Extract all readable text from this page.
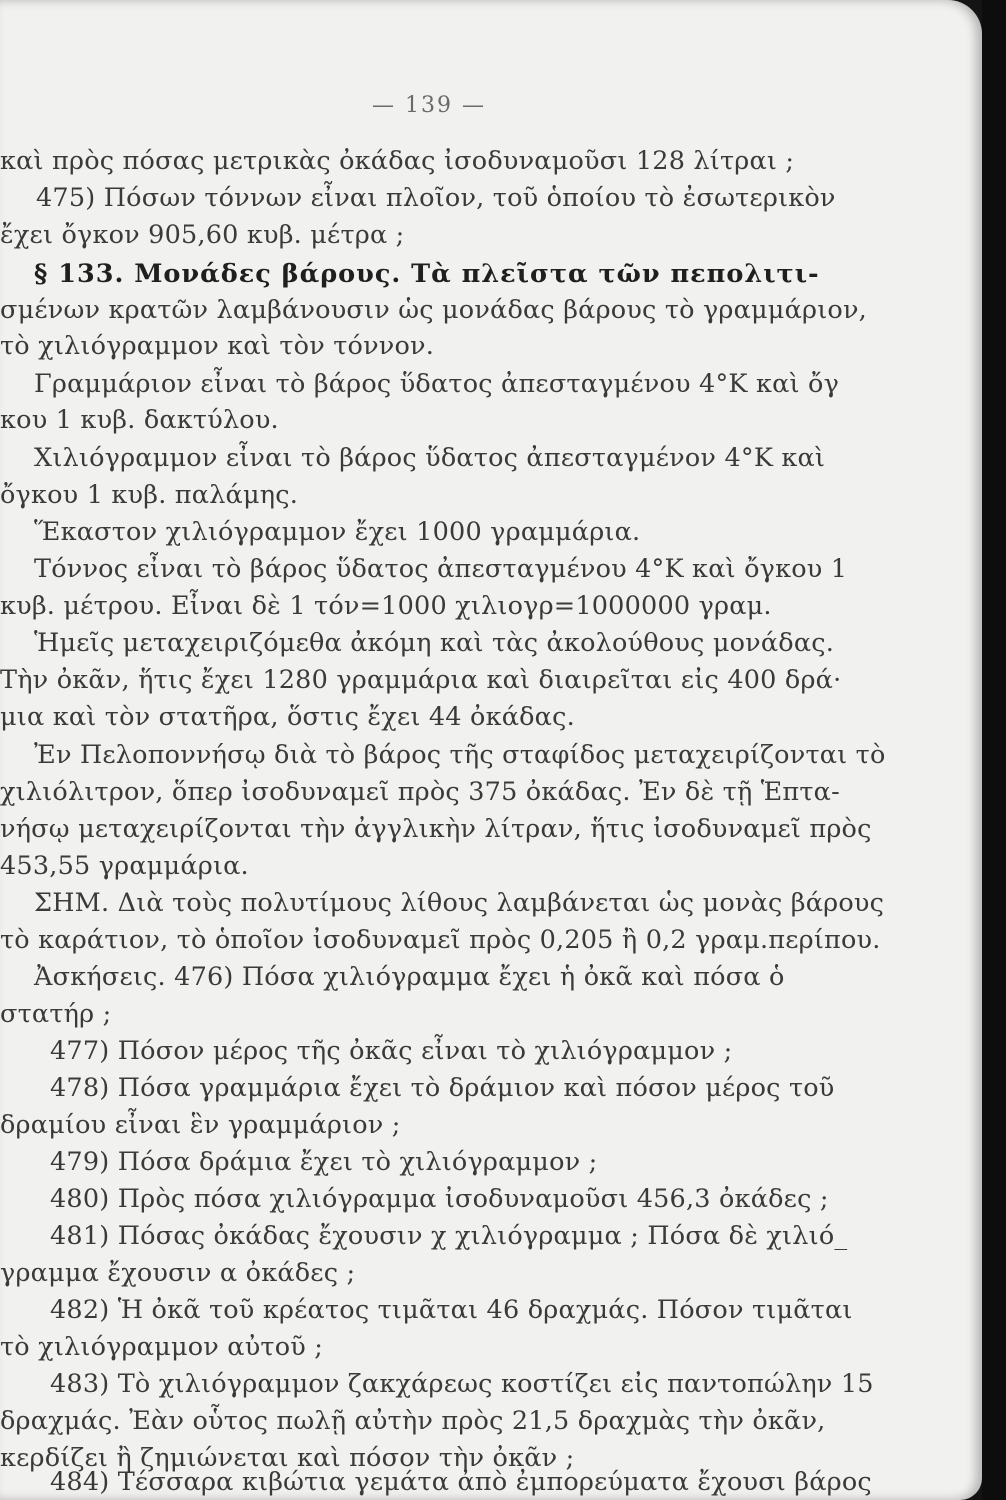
— 139 —
καὶ πρὸς πόσας μετρικὰς ὀκάδας ἰσοδυναμοῦσι 128 λίτραι ;
475) Πόσων τόννων εἶναι πλοῖον, τοῦ ὁποίου τὸ ἐσωτερικὸν
ἔχει ὄγκον 905,60 κυβ. μέτρα ;
§ 133. Μονάδες βάρους. Τὰ πλεῖστα τῶν πεπολιτι-
σμένων κρατῶν λαμβάνουσιν ὡς μονάδας βάρους τὸ γραμμάριον,
τὸ χιλιόγραμμον καὶ τὸν τόννον.
Γραμμάριον εἶναι τὸ βάρος ὕδατος ἀπεσταγμένου 4°Κ καὶ ὄγ
κου 1 κυβ. δακτύλου.
Χιλιόγραμμον εἶναι τὸ βάρος ὕδατος ἀπεσταγμένον 4°Κ καὶ
ὄγκου 1 κυβ. παλάμης.
Ἕκαστον χιλιόγραμμον ἔχει 1000 γραμμάρια.
Τόννος εἶναι τὸ βάρος ὕδατος ἀπεσταγμένου 4°Κ καὶ ὄγκου 1
κυβ. μέτρου. Εἶναι δὲ 1 τόν=1000 χιλιογρ=1000000 γραμ.
Ἡμεῖς μεταχειριζόμεθα ἀκόμη καὶ τὰς ἀκολούθους μονάδας.
Τὴν ὀκᾶν, ἥτις ἔχει 1280 γραμμάρια καὶ διαιρεῖται εἰς 400 δρά·
μια καὶ τὸν στατῆρα, ὅστις ἔχει 44 ὀκάδας.
Ἐν Πελοποννήσῳ διὰ τὸ βάρος τῆς σταφίδος μεταχειρίζονται τὸ
χιλιόλιτρον, ὅπερ ἰσοδυναμεῖ πρὸς 375 ὀκάδας. Ἐν δὲ τῇ Ἑπτα-
νήσῳ μεταχειρίζονται τὴν ἀγγλικὴν λίτραν, ἥτις ἰσοδυναμεῖ πρὸς
453,55 γραμμάρια.
ΣΗΜ. Διὰ τοὺς πολυτίμους λίθους λαμβάνεται ὡς μονὰς βάρους
τὸ καράτιον, τὸ ὁποῖον ἰσοδυναμεῖ πρὸς 0,205 ἢ 0,2 γραμ.περίπου.
Ἀσκήσεις. 476) Πόσα χιλιόγραμμα ἔχει ἡ ὀκᾶ καὶ πόσα ὁ
στατήρ ;
477) Πόσον μέρος τῆς ὀκᾶς εἶναι τὸ χιλιόγραμμον ;
478) Πόσα γραμμάρια ἔχει τὸ δράμιον καὶ πόσον μέρος τοῦ
δραμίου εἶναι ἓν γραμμάριον ;
479) Πόσα δράμια ἔχει τὸ χιλιόγραμμον ;
480) Πρὸς πόσα χιλιόγραμμα ἰσοδυναμοῦσι 456,3 ὀκάδες ;
481) Πόσας ὀκάδας ἔχουσιν χ χιλιόγραμμα ; Πόσα δὲ χιλιό_
γραμμα ἔχουσιν α ὀκάδες ;
482) Ἡ ὀκᾶ τοῦ κρέατος τιμᾶται 46 δραχμάς. Πόσον τιμᾶται
τὸ χιλιόγραμμον αὐτοῦ ;
483) Τὸ χιλιόγραμμον ζακχάρεως κοστίζει εἰς παντοπώλην 15
δραχμάς. Ἐὰν οὗτος πωλῇ αὐτὴν πρὸς 21,5 δραχμὰς τὴν ὀκᾶν,
κερδίζει ἢ ζημιώνεται καὶ πόσον τὴν ὀκᾶν ;
484) Τέσσαρα κιβώτια γεμάτα ἀπὸ ἐμπορεύματα ἔχουσι βάρος
